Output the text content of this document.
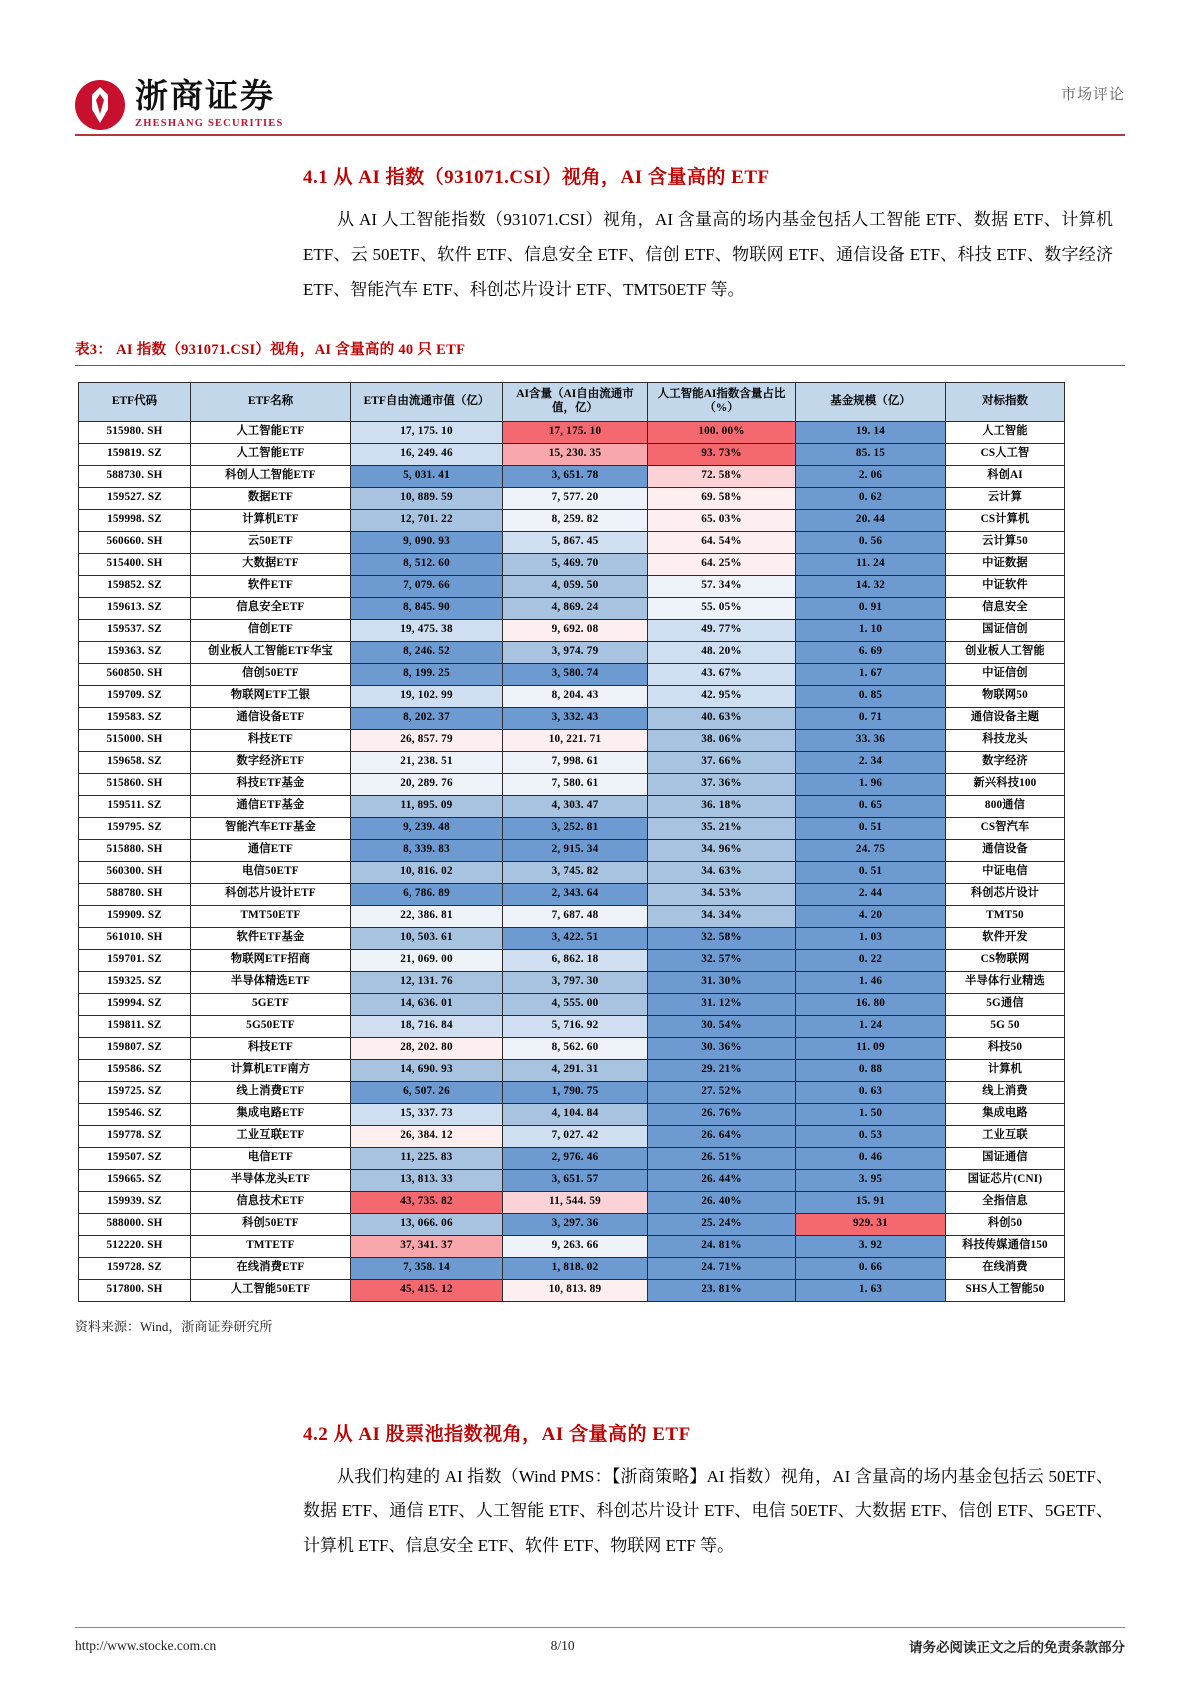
浙商证券
ZHESHANG SECURITIES
市场评论
4.1 从 AI 指数（931071.CSI）视角，AI 含量高的 ETF

从 AI 人工智能指数（931071.CSI）视角，AI 含量高的场内基金包括人工智能 ETF、数据 ETF、计算机 ETF、云 50ETF、软件 ETF、信息安全 ETF、信创 ETF、物联网 ETF、通信设备 ETF、科技 ETF、数字经济 ETF、智能汽车 ETF、科创芯片设计 ETF、TMT50ETF 等。

表3： AI 指数（931071.CSI）视角，AI 含量高的 40 只 ETF
ETF代码	ETF名称	ETF自由流通市值（亿）	AI含量（AI自由流通市值，亿）	人工智能AI指数含量占比（%）	基金规模（亿）	对标指数
515980. SH	人工智能ETF	17, 175. 10	17, 175. 10	100. 00%	19. 14	人工智能
159819. SZ	人工智能ETF	16, 249. 46	15, 230. 35	93. 73%	85. 15	CS人工智
588730. SH	科创人工智能ETF	5, 031. 41	3, 651. 78	72. 58%	2. 06	科创AI
159527. SZ	数据ETF	10, 889. 59	7, 577. 20	69. 58%	0. 62	云计算
159998. SZ	计算机ETF	12, 701. 22	8, 259. 82	65. 03%	20. 44	CS计算机
560660. SH	云50ETF	9, 090. 93	5, 867. 45	64. 54%	0. 56	云计算50
515400. SH	大数据ETF	8, 512. 60	5, 469. 70	64. 25%	11. 24	中证数据
159852. SZ	软件ETF	7, 079. 66	4, 059. 50	57. 34%	14. 32	中证软件
159613. SZ	信息安全ETF	8, 845. 90	4, 869. 24	55. 05%	0. 91	信息安全
159537. SZ	信创ETF	19, 475. 38	9, 692. 08	49. 77%	1. 10	国证信创
159363. SZ	创业板人工智能ETF华宝	8, 246. 52	3, 974. 79	48. 20%	6. 69	创业板人工智能
560850. SH	信创50ETF	8, 199. 25	3, 580. 74	43. 67%	1. 67	中证信创
159709. SZ	物联网ETF工银	19, 102. 99	8, 204. 43	42. 95%	0. 85	物联网50
159583. SZ	通信设备ETF	8, 202. 37	3, 332. 43	40. 63%	0. 71	通信设备主题
515000. SH	科技ETF	26, 857. 79	10, 221. 71	38. 06%	33. 36	科技龙头
159658. SZ	数字经济ETF	21, 238. 51	7, 998. 61	37. 66%	2. 34	数字经济
515860. SH	科技ETF基金	20, 289. 76	7, 580. 61	37. 36%	1. 96	新兴科技100
159511. SZ	通信ETF基金	11, 895. 09	4, 303. 47	36. 18%	0. 65	800通信
159795. SZ	智能汽车ETF基金	9, 239. 48	3, 252. 81	35. 21%	0. 51	CS智汽车
515880. SH	通信ETF	8, 339. 83	2, 915. 34	34. 96%	24. 75	通信设备
560300. SH	电信50ETF	10, 816. 02	3, 745. 82	34. 63%	0. 51	中证电信
588780. SH	科创芯片设计ETF	6, 786. 89	2, 343. 64	34. 53%	2. 44	科创芯片设计
159909. SZ	TMT50ETF	22, 386. 81	7, 687. 48	34. 34%	4. 20	TMT50
561010. SH	软件ETF基金	10, 503. 61	3, 422. 51	32. 58%	1. 03	软件开发
159701. SZ	物联网ETF招商	21, 069. 00	6, 862. 18	32. 57%	0. 22	CS物联网
159325. SZ	半导体精选ETF	12, 131. 76	3, 797. 30	31. 30%	1. 46	半导体行业精选
159994. SZ	5GETF	14, 636. 01	4, 555. 00	31. 12%	16. 80	5G通信
159811. SZ	5G50ETF	18, 716. 84	5, 716. 92	30. 54%	1. 24	5G 50
159807. SZ	科技ETF	28, 202. 80	8, 562. 60	30. 36%	11. 09	科技50
159586. SZ	计算机ETF南方	14, 690. 93	4, 291. 31	29. 21%	0. 88	计算机
159725. SZ	线上消费ETF	6, 507. 26	1, 790. 75	27. 52%	0. 63	线上消费
159546. SZ	集成电路ETF	15, 337. 73	4, 104. 84	26. 76%	1. 50	集成电路
159778. SZ	工业互联ETF	26, 384. 12	7, 027. 42	26. 64%	0. 53	工业互联
159507. SZ	电信ETF	11, 225. 83	2, 976. 46	26. 51%	0. 46	国证通信
159665. SZ	半导体龙头ETF	13, 813. 33	3, 651. 57	26. 44%	3. 95	国证芯片(CNI)
159939. SZ	信息技术ETF	43, 735. 82	11, 544. 59	26. 40%	15. 91	全指信息
588000. SH	科创50ETF	13, 066. 06	3, 297. 36	25. 24%	929. 31	科创50
512220. SH	TMTETF	37, 341. 37	9, 263. 66	24. 81%	3. 92	科技传媒通信150
159728. SZ	在线消费ETF	7, 358. 14	1, 818. 02	24. 71%	0. 66	在线消费
517800. SH	人工智能50ETF	45, 415. 12	10, 813. 89	23. 81%	1. 63	SHS人工智能50
资料来源：Wind，浙商证券研究所
4.2 从 AI 股票池指数视角，AI 含量高的 ETF

从我们构建的 AI 指数（Wind PMS：【浙商策略】AI 指数）视角，AI 含量高的场内基金包括云 50ETF、数据 ETF、通信 ETF、人工智能 ETF、科创芯片设计 ETF、电信 50ETF、大数据 ETF、信创 ETF、5GETF、计算机 ETF、信息安全 ETF、软件 ETF、物联网 ETF 等。

http://www.stocke.com.cn	8/10	请务必阅读正文之后的免责条款部分
